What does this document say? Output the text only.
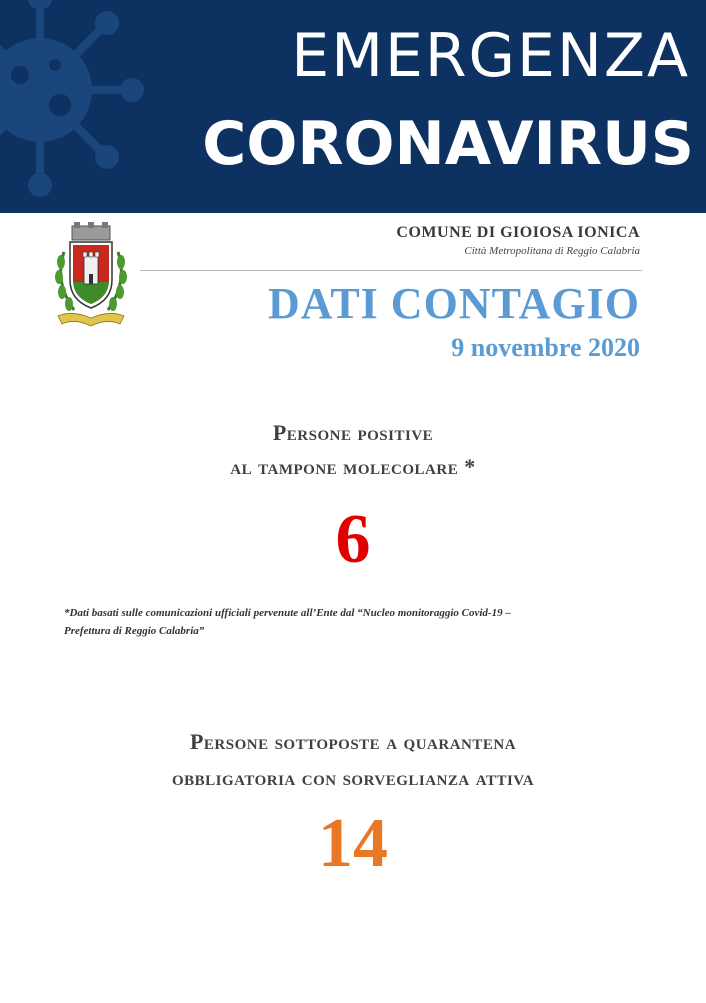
EMERGENZA
CORONAVIRUS
COMUNE DI GIOIOSA IONICA
Città Metropolitana di Reggio Calabria
DATI CONTAGIO
9 novembre 2020
Persone positive
al tampone molecolare *
6
*Dati basati sulle comunicazioni ufficiali pervenute all’Ente dal “Nucleo monitoraggio Covid-19 –
Prefettura di Reggio Calabria”
Persone sottoposte a quarantena
obbligatoria con sorveglianza attiva
14
